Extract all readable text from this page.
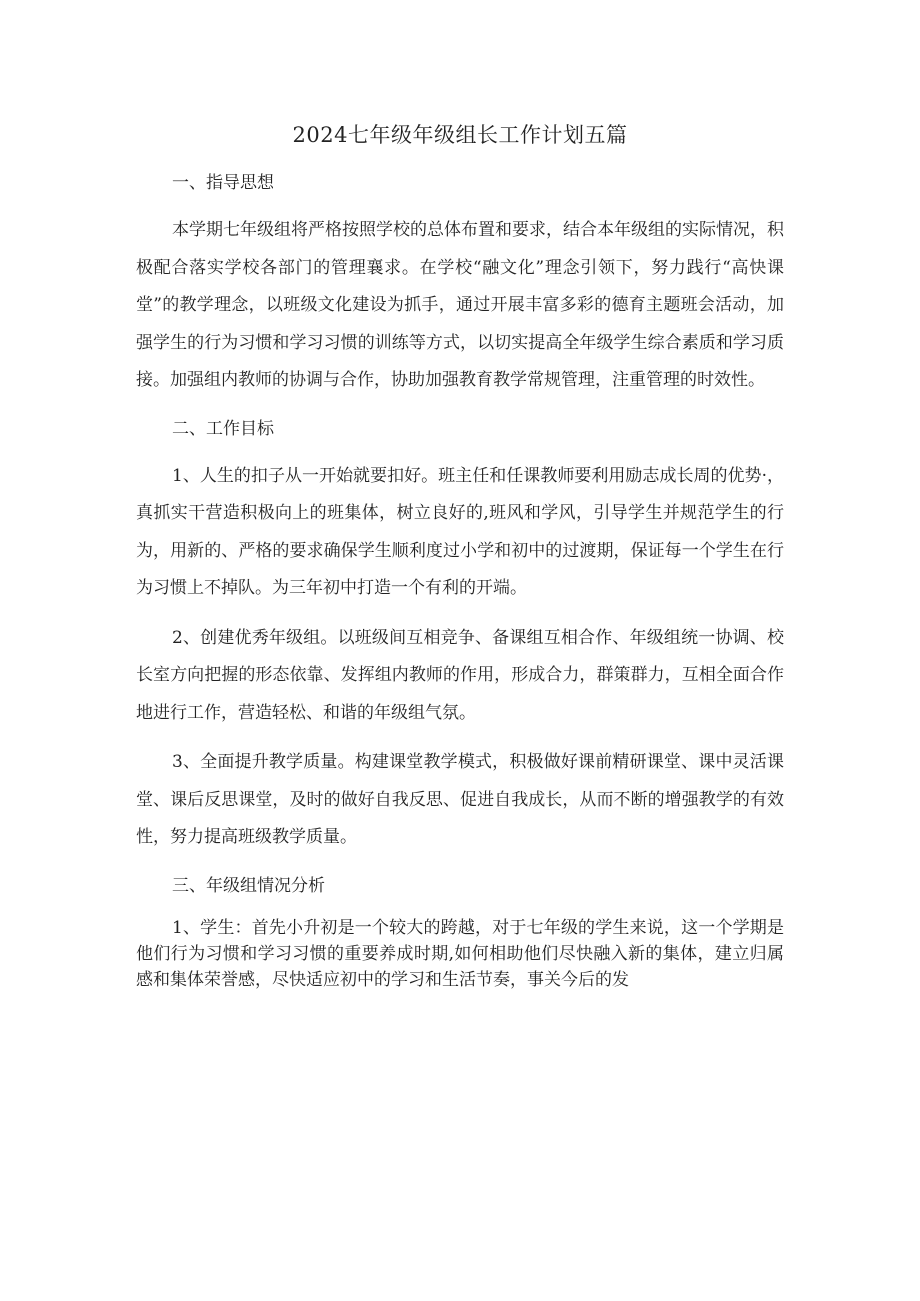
2024七年级年级组长工作计划五篇

一、指导思想

本学期七年级组将严格按照学校的总体布置和要求，结合本年级组的实际情况，积极配合落实学校各部门的管理襄求。在学校“融文化”理念引领下，努力践行“高快课堂”的教学理念，以班级文化建设为抓手，通过开展丰富多彩的德育主题班会活动，加强学生的行为习惯和学习习惯的训练等方式，以切实提高全年级学生综合素质和学习质接。加强组内教师的协调与合作，协助加强教育教学常规管理，注重管理的时效性。

二、工作目标

1、人生的扣子从一开始就要扣好。班主任和任课教师要利用励志成长周的优势·，真抓实干营造积极向上的班集体，树立良好的,班风和学风，引导学生并规范学生的行为，用新的、严格的要求确保学生顺利度过小学和初中的过渡期，保证每一个学生在行为习惯上不掉队。为三年初中打造一个有利的开端。

2、创建优秀年级组。以班级间互相竞争、备课组互相合作、年级组统一协调、校长室方向把握的形态依靠、发挥组内教师的作用，形成合力，群策群力，互相全面合作地进行工作，营造轻松、和谐的年级组气氛。

3、全面提升教学质量。构建课堂教学模式，积极做好课前精研课堂、课中灵活课堂、课后反思课堂，及时的做好自我反思、促进自我成长，从而不断的增强教学的有效性，努力提高班级教学质量。

三、年级组情况分析

1、学生：首先小升初是一个较大的跨越，对于七年级的学生来说，这一个学期是他们行为习惯和学习习惯的重要养成时期,如何相助他们尽快融入新的集体，建立归属感和集体荣誉感，尽快适应初中的学习和生活节奏，事关今后的发
